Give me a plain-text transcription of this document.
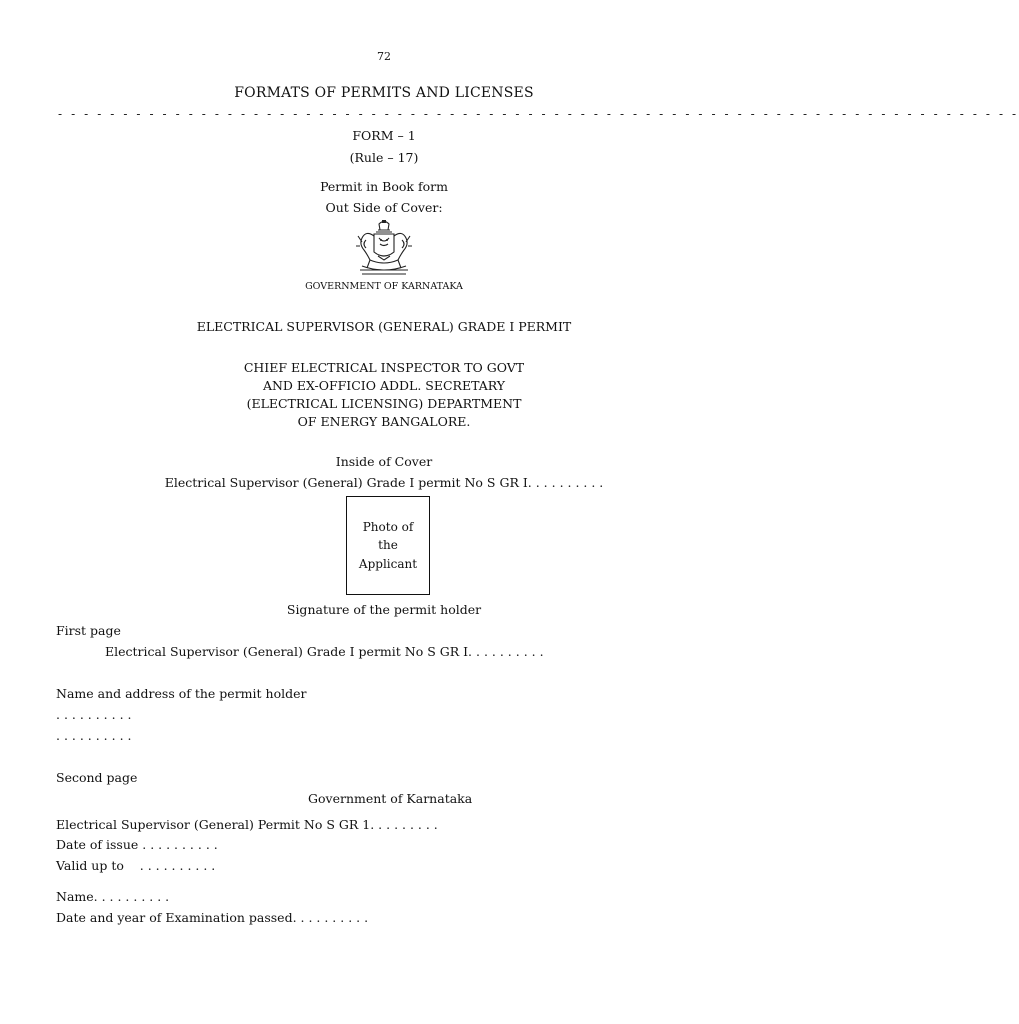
72
FORMATS OF PERMITS AND LICENSES
- - - - - - - - - - - - - - - - - - - - - - - - - - - - - - - - - - - - - - - - - - - - - - - - - - - - - - - - - - - - - - - - - - - - - - - - - -
FORM – 1
(Rule – 17)
Permit in Book form
Out Side of Cover:
GOVERNMENT OF KARNATAKA
ELECTRICAL SUPERVISOR (GENERAL) GRADE I PERMIT
CHIEF ELECTRICAL INSPECTOR TO GOVT
AND EX-OFFICIO ADDL. SECRETARY
(ELECTRICAL LICENSING) DEPARTMENT
OF ENERGY BANGALORE.
Inside of Cover
Electrical Supervisor (General) Grade I permit No S GR I. . . . . . . . . .
Photo of
the
Applicant
Signature of the permit holder
First page
Electrical Supervisor (General) Grade I permit No S GR I. . . . . . . . . .
Name and address of the permit holder
. . . . . . . . . .
. . . . . . . . . .
Second page
Government of Karnataka
Electrical Supervisor (General) Permit No S GR 1. . . . . . . . .
Date of issue . . . . . . . . . .
Valid up to    . . . . . . . . . .
Name. . . . . . . . . .
Date and year of Examination passed. . . . . . . . . .
